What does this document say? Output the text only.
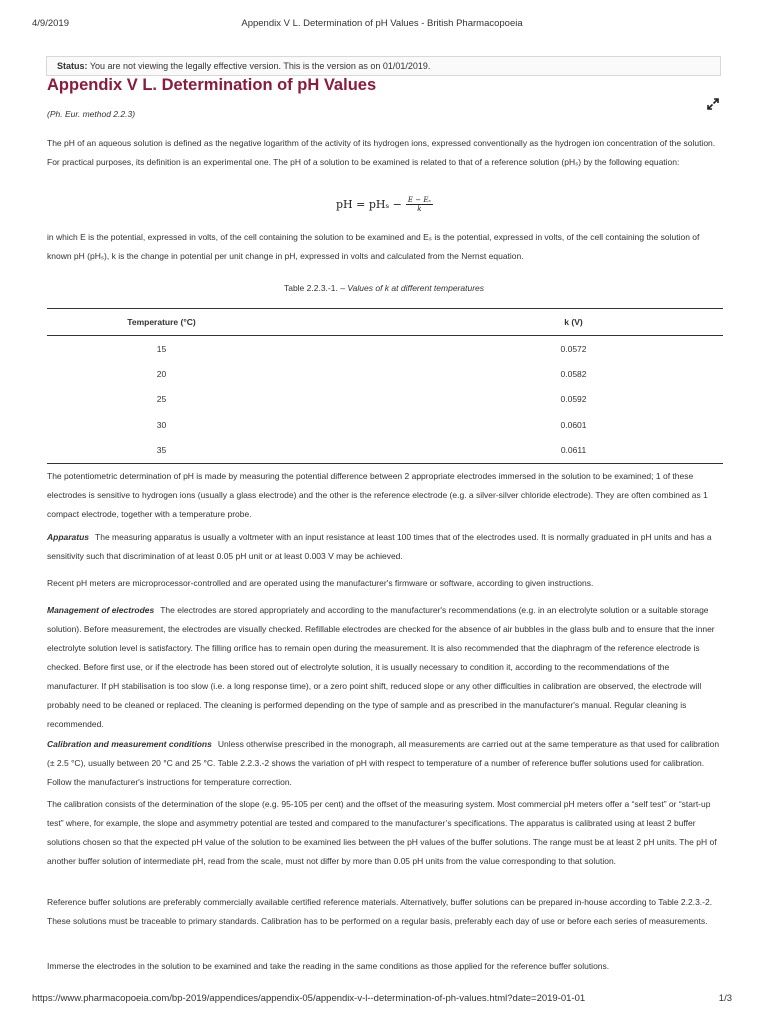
4/9/2019	Appendix V L. Determination of pH Values - British Pharmacopoeia
Status: You are not viewing the legally effective version. This is the version as on 01/01/2019.
Appendix V L. Determination of pH Values
(Ph. Eur. method 2.2.3)

The pH of an aqueous solution is defined as the negative logarithm of the activity of its hydrogen ions, expressed conventionally as the hydrogen ion concentration of the solution. For practical purposes, its definition is an experimental one. The pH of a solution to be examined is related to that of a reference solution (pHₛ) by the following equation:

pH = $pH_s - \frac{\text{E − Eₛ}}{k}$

in which E is the potential, expressed in volts, of the cell containing the solution to be examined and Eₛ is the potential, expressed in volts, of the cell containing the solution of known pH (pHₛ), k is the change in potential per unit change in pH, expressed in volts and calculated from the Nernst equation.

Table 2.2.3.-1. – Values of k at different temperatures
Temperature (°C)	k (V)
15	0.0572
20	0.0582
25	0.0592
30	0.0601
35	0.0611

The potentiometric determination of pH is made by measuring the potential difference between 2 appropriate electrodes immersed in the solution to be examined; 1 of these electrodes is sensitive to hydrogen ions (usually a glass electrode) and the other is the reference electrode (e.g. a silver-silver chloride electrode). They are often combined as 1 compact electrode, together with a temperature probe.

Apparatus The measuring apparatus is usually a voltmeter with an input resistance at least 100 times that of the electrodes used. It is normally graduated in pH units and has a sensitivity such that discrimination of at least 0.05 pH unit or at least 0.003 V may be achieved.

Recent pH meters are microprocessor-controlled and are operated using the manufacturer's firmware or software, according to given instructions.

Management of electrodes The electrodes are stored appropriately and according to the manufacturer's recommendations (e.g. in an electrolyte solution or a suitable storage solution). Before measurement, the electrodes are visually checked. Refillable electrodes are checked for the absence of air bubbles in the glass bulb and to ensure that the inner electrolyte solution level is satisfactory. The filling orifice has to remain open during the measurement. It is also recommended that the diaphragm of the reference electrode is checked. Before first use, or if the electrode has been stored out of electrolyte solution, it is usually necessary to condition it, according to the recommendations of the manufacturer. If pH stabilisation is too slow (i.e. a long response time), or a zero point shift, reduced slope or any other difficulties in calibration are observed, the electrode will probably need to be cleaned or replaced. The cleaning is performed depending on the type of sample and as prescribed in the manufacturer's manual. Regular cleaning is recommended.

Calibration and measurement conditions Unless otherwise prescribed in the monograph, all measurements are carried out at the same temperature as that used for calibration (± 2.5 °C), usually between 20 °C and 25 °C. Table 2.2.3.-2 shows the variation of pH with respect to temperature of a number of reference buffer solutions used for calibration. Follow the manufacturer's instructions for temperature correction.

The calibration consists of the determination of the slope (e.g. 95-105 per cent) and the offset of the measuring system. Most commercial pH meters offer a “self test” or “start-up test” where, for example, the slope and asymmetry potential are tested and compared to the manufacturer’s specifications. The apparatus is calibrated using at least 2 buffer solutions chosen so that the expected pH value of the solution to be examined lies between the pH values of the buffer solutions. The range must be at least 2 pH units. The pH of another buffer solution of intermediate pH, read from the scale, must not differ by more than 0.05 pH units from the value corresponding to that solution.

Reference buffer solutions are preferably commercially available certified reference materials. Alternatively, buffer solutions can be prepared in-house according to Table 2.2.3.-2. These solutions must be traceable to primary standards. Calibration has to be performed on a regular basis, preferably each day of use or before each series of measurements.

Immerse the electrodes in the solution to be examined and take the reading in the same conditions as those applied for the reference buffer solutions.

https://www.pharmacopoeia.com/bp-2019/appendices/appendix-05/appendix-v-l--determination-of-ph-values.html?date=2019-01-01	1/3
